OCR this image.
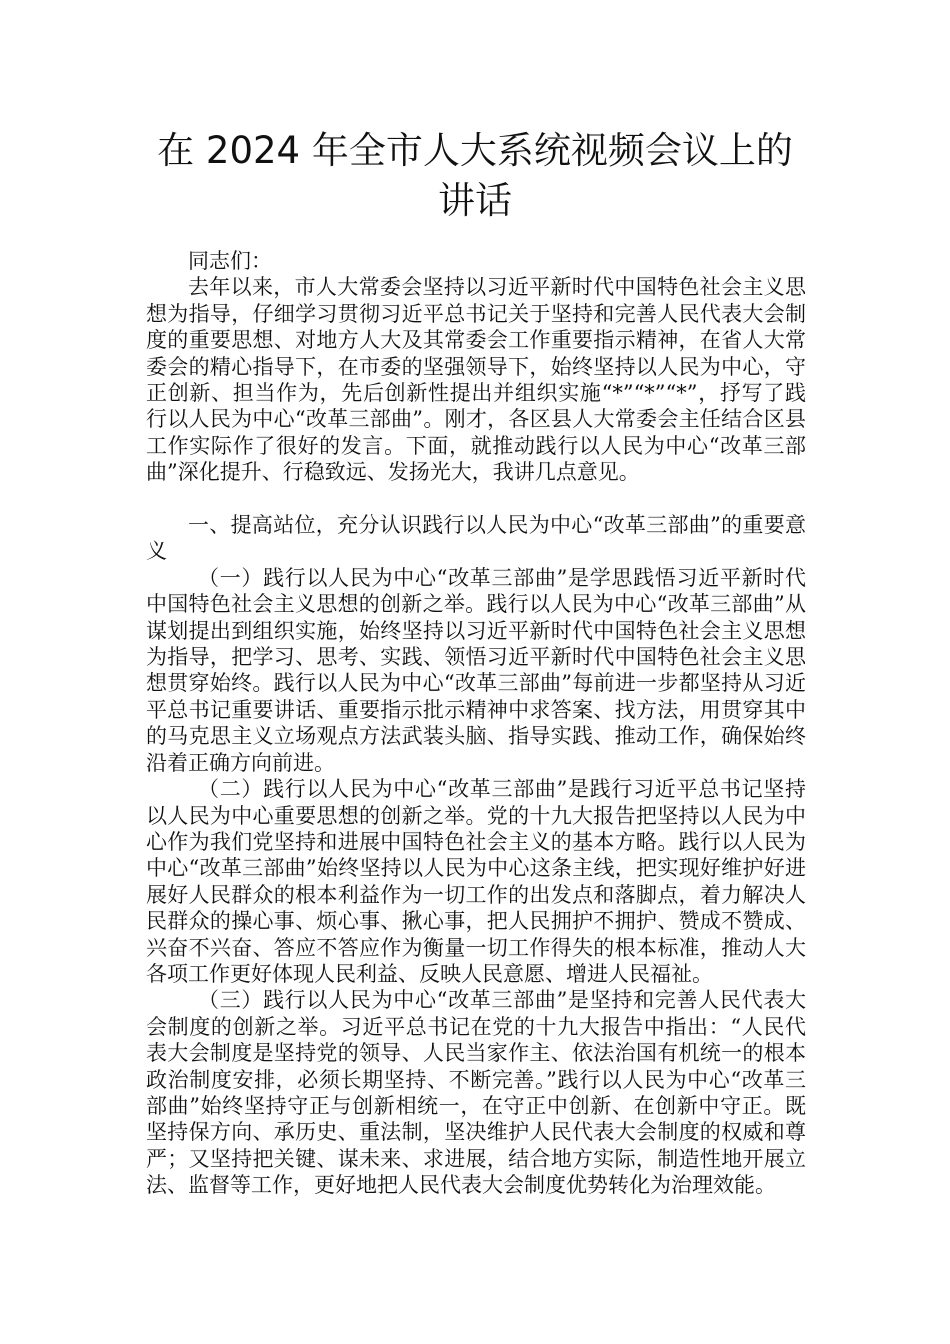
在 2024 年全市人大系统视频会议上的
讲话

同志们：

去年以来，市人大常委会坚持以习近平新时代中国特色社会主义思想为指导，仔细学习贯彻习近平总书记关于坚持和完善人民代表大会制度的重要思想、对地方人大及其常委会工作重要指示精神，在省人大常委会的精心指导下，在市委的坚强领导下，始终坚持以人民为中心，守正创新、担当作为，先后创新性提出并组织实施“*”“*”“*”，抒写了践行以人民为中心“改革三部曲”。刚才，各区县人大常委会主任结合区县工作实际作了很好的发言。下面，就推动践行以人民为中心“改革三部曲”深化提升、行稳致远、发扬光大，我讲几点意见。

一、提高站位，充分认识践行以人民为中心“改革三部曲”的重要意义

（一）践行以人民为中心“改革三部曲”是学思践悟习近平新时代中国特色社会主义思想的创新之举。践行以人民为中心“改革三部曲”从谋划提出到组织实施，始终坚持以习近平新时代中国特色社会主义思想为指导，把学习、思考、实践、领悟习近平新时代中国特色社会主义思想贯穿始终。践行以人民为中心“改革三部曲”每前进一步都坚持从习近平总书记重要讲话、重要指示批示精神中求答案、找方法，用贯穿其中的马克思主义立场观点方法武装头脑、指导实践、推动工作，确保始终沿着正确方向前进。

（二）践行以人民为中心“改革三部曲”是践行习近平总书记坚持以人民为中心重要思想的创新之举。党的十九大报告把坚持以人民为中心作为我们党坚持和进展中国特色社会主义的基本方略。践行以人民为中心“改革三部曲”始终坚持以人民为中心这条主线，把实现好维护好进展好人民群众的根本利益作为一切工作的出发点和落脚点，着力解决人民群众的操心事、烦心事、揪心事，把人民拥护不拥护、赞成不赞成、兴奋不兴奋、答应不答应作为衡量一切工作得失的根本标准，推动人大各项工作更好体现人民利益、反映人民意愿、增进人民福祉。

（三）践行以人民为中心“改革三部曲”是坚持和完善人民代表大会制度的创新之举。习近平总书记在党的十九大报告中指出：“人民代表大会制度是坚持党的领导、人民当家作主、依法治国有机统一的根本政治制度安排，必须长期坚持、不断完善。”践行以人民为中心“改革三部曲”始终坚持守正与创新相统一，在守正中创新、在创新中守正。既坚持保方向、承历史、重法制，坚决维护人民代表大会制度的权威和尊严；又坚持把关键、谋未来、求进展，结合地方实际，制造性地开展立法、监督等工作，更好地把人民代表大会制度优势转化为治理效能。
